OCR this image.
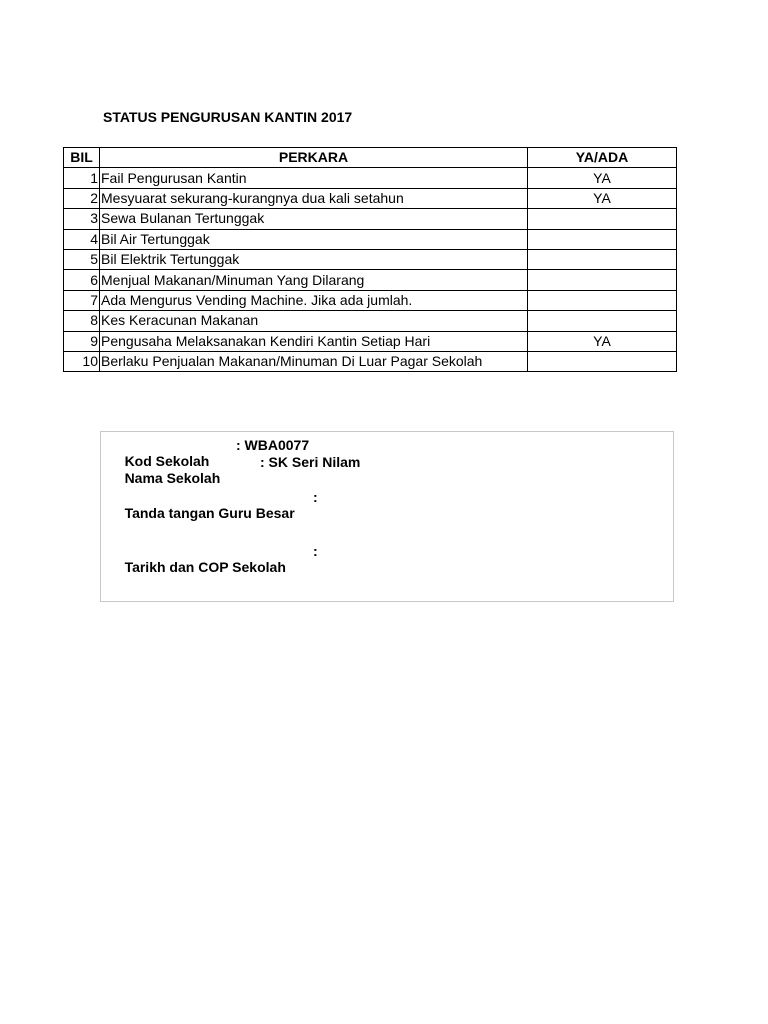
STATUS PENGURUSAN KANTIN 2017
BIL	PERKARA	YA/ADA
1	Fail Pengurusan Kantin	YA
2	Mesyuarat sekurang-kurangnya dua kali setahun	YA
3	Sewa Bulanan Tertunggak	
4	Bil Air Tertunggak	
5	Bil Elektrik Tertunggak	
6	Menjual Makanan/Minuman Yang Dilarang	
7	Ada Mengurus Vending Machine. Jika ada jumlah.	
8	Kes Keracunan Makanan	
9	Pengusaha Melaksanakan Kendiri Kantin Setiap Hari	YA
10	Berlaku Penjualan Makanan/Minuman Di Luar Pagar Sekolah	

Kod Sekolah

: WBA0077

Nama Sekolah

: SK Seri Nilam

Tanda tangan Guru Besar

:

Tarikh dan COP Sekolah

:
